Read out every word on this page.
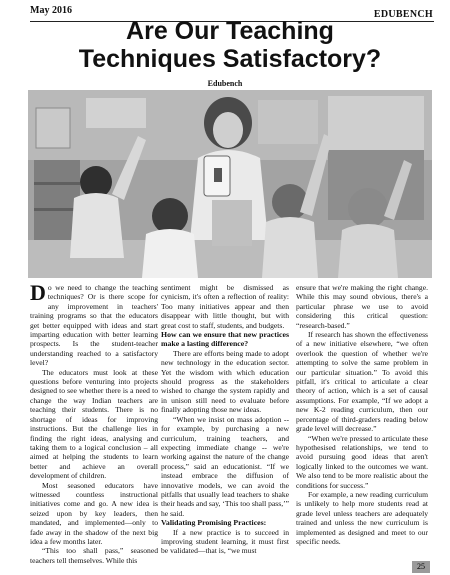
May 2016	EDUBENCH
Are Our Teaching
Techniques Satisfactory?
Edubench

Do we need to change the teaching techniques? Or is there scope for any improvement in teachers' training programs so that the educators get better equipped with ideas and start imparting education with better learning prospects. Is the student-teacher understanding reached to a satisfactory level?

The educators must look at these questions before venturing into projects designed to see whether there is a need to change the way Indian teachers are teaching their students. There is no shortage of ideas for improving instructions. But the challenge lies in finding the right ideas, analysing and taking them to a logical conclusion – all aimed at helping the students to learn better and achieve an overall development of children.

Most seasoned educators have witnessed countless instructional initiatives come and go. A new idea is seized upon by key leaders, then mandated, and implemented—only to fade away in the shadow of the next big idea a few months later.

“This too shall pass,” seasoned teachers tell themselves. While this

sentiment might be dismissed as cynicism, it's often a reflection of reality: Too many initiatives appear and then disappear with little thought, but with great cost to staff, students, and budgets.

How can we ensure that new practices make a lasting difference?

There are efforts being made to adopt new technology in the education sector. Yet the wisdom with which education should progress as the stakeholders wished to change the system rapidly and in unison still need to evaluate before finally adopting those new ideas.

“When we insist on mass adoption -- for example, by purchasing a new curriculum, training teachers, and expecting immediate change -- we're working against the nature of the change process,” said an educationist. “If we instead embrace the diffusion of innovative models, we can avoid the pitfalls that usually lead teachers to shake their heads and say, ‘This too shall pass,’” he said.

Validating Promising Practices:

If a new practice is to succeed in improving student learning, it must first be validated—that is, “we must

ensure that we're making the right change. While this may sound obvious, there's a particular phrase we use to avoid considering this critical question: “research-based.”

If research has shown the effectiveness of a new initiative elsewhere, “we often overlook the question of whether we're attempting to solve the same problem in our particular situation.” To avoid this pitfall, it's critical to articulate a clear theory of action, which is a set of causal assumptions. For example, “If we adopt a new K-2 reading curriculum, then our percentage of third-graders reading below grade level will decrease.”

“When we're pressed to articulate these hypothesised relationships, we tend to avoid pursuing good ideas that aren't logically linked to the outcomes we want. We also tend to be more realistic about the conditions for success.”

For example, a new reading curriculum is unlikely to help more students read at grade level unless teachers are adequately trained and unless the new curriculum is implemented as designed and meet to our specific needs.

25
